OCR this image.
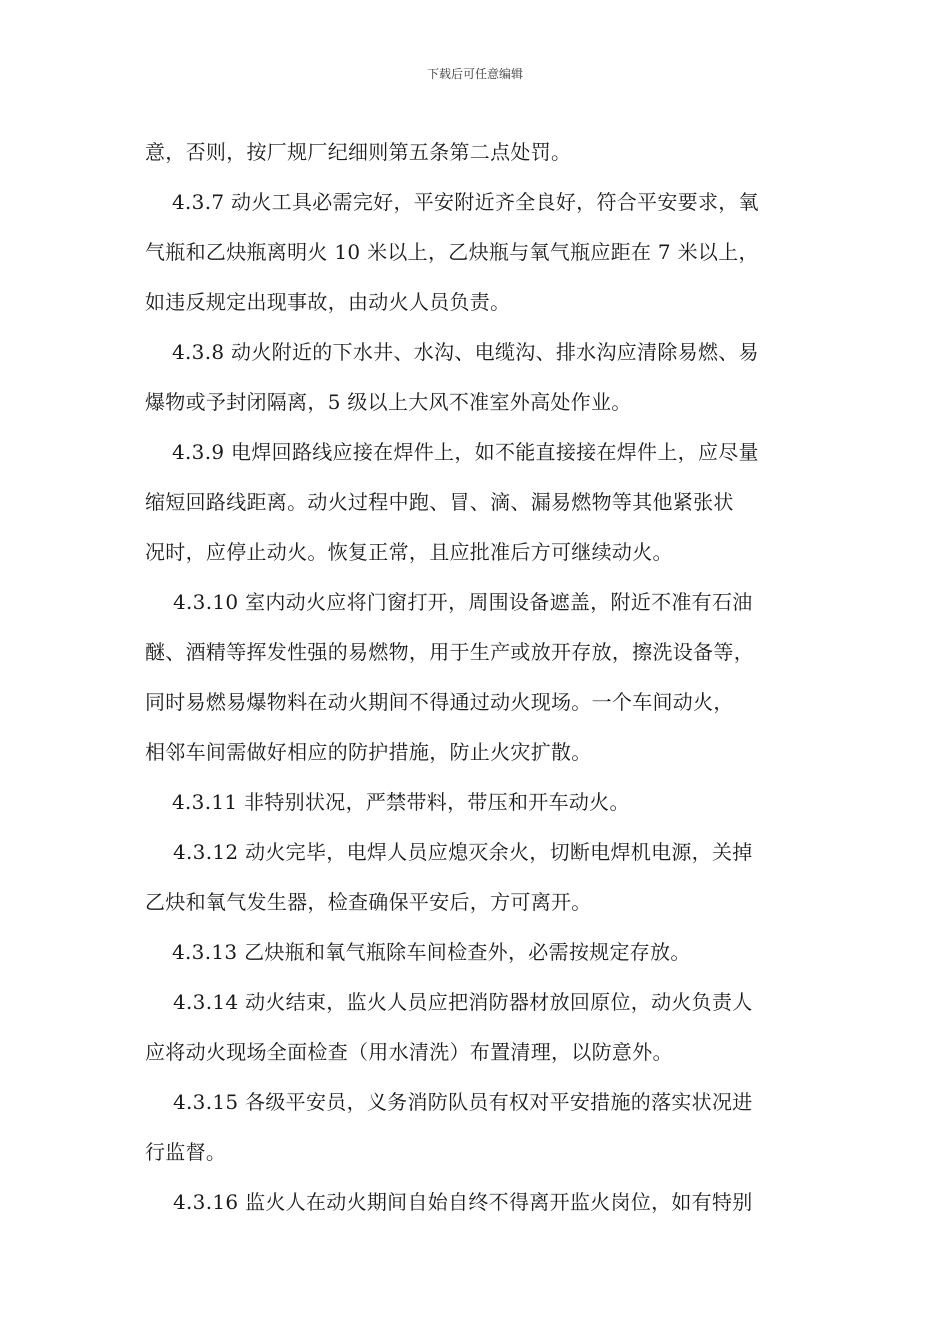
下载后可任意编辑
意，否则，按厂规厂纪细则第五条第二点处罚。
4.3.7 动火工具必需完好，平安附近齐全良好，符合平安要求，氧
气瓶和乙炔瓶离明火 10 米以上，乙炔瓶与氧气瓶应距在 7 米以上，
如违反规定出现事故，由动火人员负责。
4.3.8 动火附近的下水井、水沟、电缆沟、排水沟应清除易燃、易
爆物或予封闭隔离，5 级以上大风不准室外高处作业。
4.3.9 电焊回路线应接在焊件上，如不能直接接在焊件上，应尽量
缩短回路线距离。动火过程中跑、冒、滴、漏易燃物等其他紧张状
况时，应停止动火。恢复正常，且应批准后方可继续动火。
4.3.10 室内动火应将门窗打开，周围设备遮盖，附近不准有石油
醚、酒精等挥发性强的易燃物，用于生产或放开存放，擦洗设备等，
同时易燃易爆物料在动火期间不得通过动火现场。一个车间动火，
相邻车间需做好相应的防护措施，防止火灾扩散。
4.3.11 非特别状况，严禁带料，带压和开车动火。
4.3.12 动火完毕，电焊人员应熄灭余火，切断电焊机电源，关掉
乙炔和氧气发生器，检查确保平安后，方可离开。
4.3.13 乙炔瓶和氧气瓶除车间检查外，必需按规定存放。
4.3.14 动火结束，监火人员应把消防器材放回原位，动火负责人
应将动火现场全面检查（用水清洗）布置清理，以防意外。
4.3.15 各级平安员，义务消防队员有权对平安措施的落实状况进
行监督。
4.3.16 监火人在动火期间自始自终不得离开监火岗位，如有特别
